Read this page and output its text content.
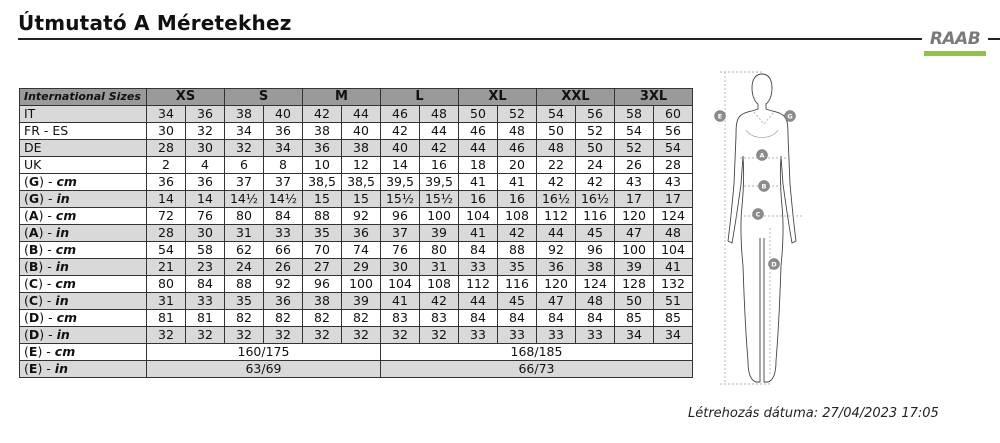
Útmutató A Méretekhez
RAAB
International Sizes	XS		S		M		L		XL		XXL		3XL	
IT	34	36	38	40	42	44	46	48	50	52	54	56	58	60
FR - ES	30	32	34	36	38	40	42	44	46	48	50	52	54	56
DE	28	30	32	34	36	38	40	42	44	46	48	50	52	54
UK	2	4	6	8	10	12	14	16	18	20	22	24	26	28
(G) - cm	36	36	37	37	38,5	38,5	39,5	39,5	41	41	42	42	43	43
(G) - in	14	14	14½	14½	15	15	15½	15½	16	16	16½	16½	17	17
(A) - cm	72	76	80	84	88	92	96	100	104	108	112	116	120	124
(A) - in	28	30	31	33	35	36	37	39	41	42	44	45	47	48
(B) - cm	54	58	62	66	70	74	76	80	84	88	92	96	100	104
(B) - in	21	23	24	26	27	29	30	31	33	35	36	38	39	41
(C) - cm	80	84	88	92	96	100	104	108	112	116	120	124	128	132
(C) - in	31	33	35	36	38	39	41	42	44	45	47	48	50	51
(D) - cm	81	81	82	82	82	82	83	83	84	84	84	84	85	85
(D) - in	32	32	32	32	32	32	32	32	33	33	33	33	34	34
(E) - cm	160/175						168/185							
(E) - in	63/69						66/73							
E	G
A
B
C
D
Létrehozás dátuma: 27/04/2023 17:05
